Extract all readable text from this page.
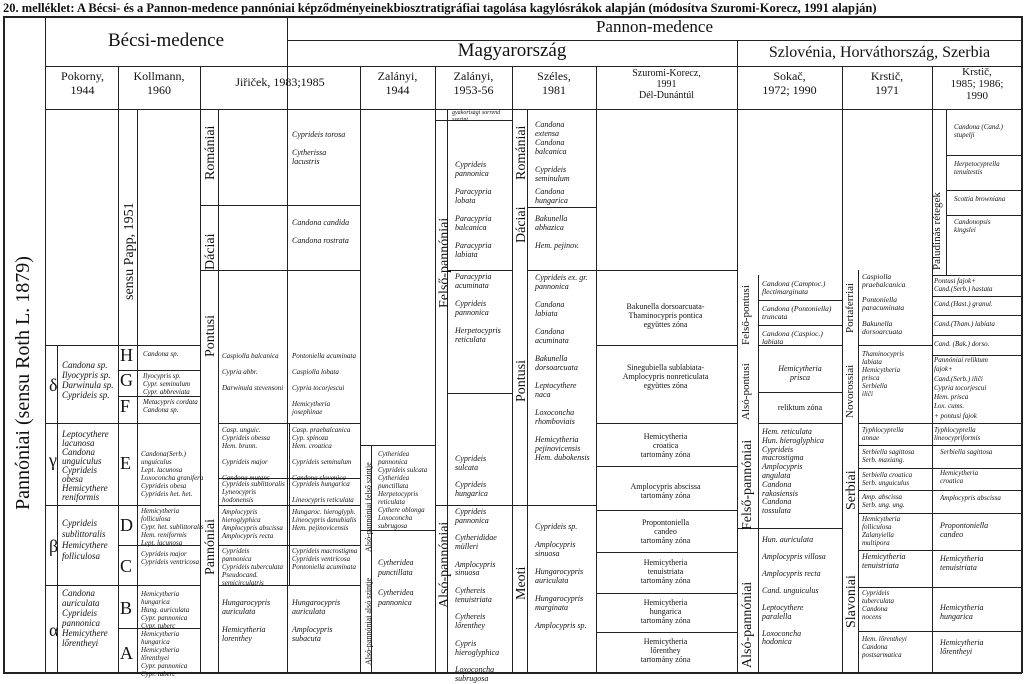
20. melléklet: A Bécsi- és a Pannon-medence pannóniai képződményeinekbiosztratigráfiai tagolása kagylósrákok alapján (módosítva Szuromi-Korecz, 1991 alapján)
Bécsi-medence
Pannon-medence
Magyarország	Szlovénia, Horváthország, Szerbia
Pokorny,
1944
Kollmann,
1960
Jiřiček, 1983;1985	Zalányi,
1944
Zalányi,
1953-56
Széles,
1981
Szuromi-Korecz,
1991
Dél-Dunántúl
Sokač,
1972; 1990
Krstič,
1971
Krstič,
1985; 1986;
1990
Pannóniai (sensu Roth L. 1879)
sensu Papp, 1951
Romániai
Dáciai
Pontusi
Pannóniai
Felső-pannóniai
Alsó-pannóniai
Alsó-pannóniai felső szintje
Alsó-pannóniai alsó szintje
Romániai
Dáciai
Pontusi
Meoti
Felső-pontusi
Alsó-pontusi
Felső-pannóniai
Alsó-pannóniai
Paludinás rétegek
Portaferriai
Novorossiai
Serbiai
Slavoniai
δ
γ
β
α
H
G
F
E
D
C
B
A
Candona sp.
Ilyocypris sp.
Darwinula sp.
Cyprideis sp.
Leptocythere
lacunosa
Candona
unguiculus
Cyprideis
obesa
Hemicythere
reniformis
Cyprideis
sublittoralis
Hemicythere
folliculosa
Candona
auriculata
Cyprideis
pannonica
Hemicythere
lőrentheyi
Candona sp.
Ilyocypris sp.
Cypr. seminulum
Cypr. abbreviata
Metacypris cordata
Candona sp.
Candona(Serb.)
unguiculus
Lept. lacunosa
Loxoconcha granifera
Cyprideis obesa
Cyprideis het. het.
Hemicytheria
folliculosa
Cypr. het. sublittoralis
Hem. reniformis
Lept. lacunosa
Cyprideis major
Cyprideis ventricosa
Hemicytheria
hungarica
Hung. auriculata
Cypr. pannonica
Cypr. tuberc
Hemicytheria
hungarica
Hemicytheria
lőrenthyei
Cypr. pannonica
Cypr. tuberc
Cyprideis torosa
Cytherissa
lacustris
Candona candida
Candona rostrata
Caspiolla balcanica
Cypria abbr.
Darwinula stevensoni
Pontoniella acuminata
Caspiolla lobata
Cypria tocorjescui
Hemicytheria
josephinae
Casp. unguic.
Cyprideis obessa
Hem. brunn.
Cyprideis major
Candona mutans
Casp. praebalcanica
Cyp. spinoza
Hem. croatica
Cyprideis seminulum
Candona slovenica
Cyprideis sublittoralis
Lyneocypris
hodonensis
Cyprideis hungarica
Lineocypris reticulata
Amplocypris
hieroglyphica
Amplocypris abscissa
Amplocypris recta
Hungaroc. hieroglyph.
Lineocypris danubialis
Hem. pejinovicensis
Cyprideis
pannonica
Cyprideis tuberculata
Pseudocand.
semicirculatris
Cyprideis macrostigma
Cyprideis ventricosa
Pontoniella acuminata
Hungarocypris
auriculata
Hemicytheria
lorenthey
Hungarocypris
auriculata
Amplocypris
subacuta
Cytheridea
pannonica
Cyprideis sulcata
Cytheridea
punctillata
Herpetocypris
reticulata
Cythere oblonga
Loxoconcha
subrugosa
Cytheridea
punctillata
Cytheridea
pannonica
gyakorisági sorrend
szerint
Cyprideis
pannonica
Paracypria
lobata
Paracypria
balcanica
Paracypria
labiata
Paracypria
acuminata
Cyprideis
pannonica
Herpetocypris
reticulata
Cyprideis
sulcata
Cyprideis
hungarica
Cyprideis
pannonica
Cytherididae
mülleri
Amplocypris
sinuosa
Cythereis
tenuistriata
Cythereis
lőrenthey
Cypris
hieroglyphica
Loxoconcha
subrugosa
Candona
extensa
Candona
balcanica
Cyprideis
seminulum
Candona
hungarica
Bakunella
abhazica
Hem. pejinov.
Cyprideis ex. gr.
pannonica
Candona
labiata
Candona
acuminata
Bakunella
dorsoarcuata
Leptocythere
naca
Loxoconcha
rhomboviais
Hemicytheria
pejinovicensis
Hem. dubokensis
Cyprideis sp.
Amplocypris
sinuosa
Hungarocypris
auriculata
Hungarocypris
marginata
Amplocypris sp.
Bakunella dorsoarcuata-
Thaminocypris pontica
együttes zóna
Sinegubiella sublabiata-
Amplocypris nonreticulata
együttes zóna
Hemicytheria
croatica
tartomány zóna
Amplocypris abscissa
tartomány zóna
Propontoniella
candeo
tartomány zóna
Hemicytheria
tenuistriata
tartomány zóna
Hemicytheria
hungarica
tartomány zóna
Hemicytheria
lőrenthey
tartomány zóna
Candona (Camptoc.)
flectimarginata
Candona (Pontoniella)
truncata
Candona (Caspioc.)
labiata
Hemicytheria
prisca
reliktum zóna
Hem. reticulata
Hun. hieroglyphica
Cyprideis
macrostigma
Amplocypris
angulata
Candona
rakosiensis
Candona
tossulata
Hun. auriculata
Amplocypris villosa
Amplocypris recta
Cand. unguiculus
Leptocythere
paralella
Loxoconcha
hodonica
Caspiolla
praebalcanica
Pontoniella
paracuminata
Bakunella
dorsoarcuata
Thaminocypris
labiata
Hemicytheria
prisca
Serbiella
iliči
Typhlocyprella
annae
Serbiella sagittosa
Serb. maxiang.
Serbiella croatica
Serb. unguiculus
Amp. abscissa
Serb. ung. ung.
Hemicytheria
folliculosa
Zalanyiella
multipora
Hemicytheria
tenuistriata
Cyprideis
tuberculata
Candona
nocens
Hem. lőrentheyi
Candona
postsarmatica
Candona (Cand.)
stupelji
Herpetocyprella
tenuitestis
Scottia browniana
Candonopsis
kingslei
Pontusi fajok+
Cand.(Serb.) hastata
Cand.(Hast.) granul.
Cand.(Tham.) labiata
Cand. (Bak.) dorso.
Pannóniai reliktum
fajok+
Cand.(Serb.) iliči
Cypria tocorjescui
Hem. prisca
Lox. cums.
+ pontusi fajok
Typhlocyprella
lineocypriformis
Serbiella sagittosa
Hemicytheria
croatica
Amplocypris abscissa
Propontoniella
candeo
Hemicytheria
tenuistriata
Hemicytheria
hungarica
Hemicytheria
lőrentheyi
